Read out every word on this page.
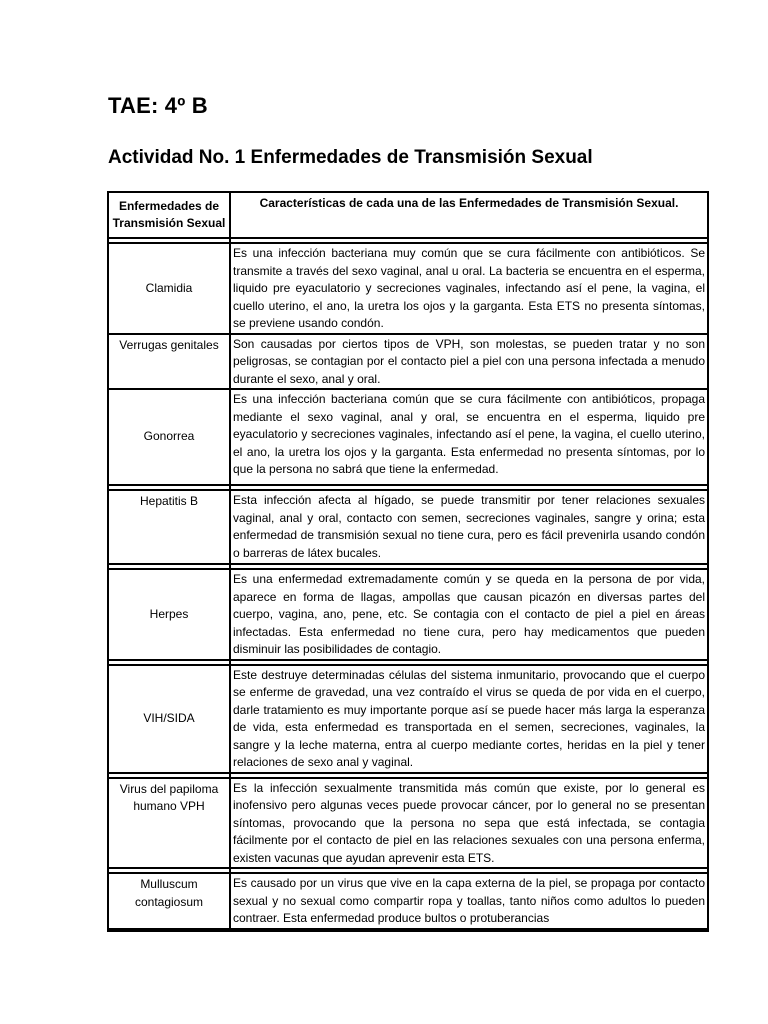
TAE: 4º B
Actividad No. 1 Enfermedades de Transmisión Sexual
Enfermedades de Transmisión Sexual	Características de cada una de las Enfermedades de Transmisión Sexual.

Clamidia	Es una infección bacteriana muy común que se cura fácilmente con antibióticos. Se transmite a través del sexo vaginal, anal u oral. La bacteria se encuentra en el esperma, liquido pre eyaculatorio y secreciones vaginales, infectando así el pene, la vagina, el cuello uterino, el ano, la uretra los ojos y la garganta. Esta ETS no presenta síntomas, se previene usando condón.
Verrugas genitales	Son causadas por ciertos tipos de VPH, son molestas, se pueden tratar y no son peligrosas, se contagian por el contacto piel a piel con una persona infectada a menudo durante el sexo, anal y oral.
Gonorrea	Es una infección bacteriana común que se cura fácilmente con antibióticos, propaga mediante el sexo vaginal, anal y oral, se encuentra en el esperma, liquido pre eyaculatorio y secreciones vaginales, infectando así el pene, la vagina, el cuello uterino, el ano, la uretra los ojos y la garganta. Esta enfermedad no presenta síntomas, por lo que la persona no sabrá que tiene la enfermedad.

Hepatitis B	Esta infección afecta al hígado, se puede transmitir por tener relaciones sexuales vaginal, anal y oral, contacto con semen, secreciones vaginales, sangre y orina; esta enfermedad de transmisión sexual no tiene cura, pero es fácil prevenirla usando condón o barreras de látex bucales.

Herpes	Es una enfermedad extremadamente común y se queda en la persona de por vida, aparece en forma de llagas, ampollas que causan picazón en diversas partes del cuerpo, vagina, ano, pene, etc. Se contagia con el contacto de piel a piel en áreas infectadas. Esta enfermedad no tiene cura, pero hay medicamentos que pueden disminuir las posibilidades de contagio.

VIH/SIDA	Este destruye determinadas células del sistema inmunitario, provocando que el cuerpo se enferme de gravedad, una vez contraído el virus se queda de por vida en el cuerpo, darle tratamiento es muy importante porque así se puede hacer más larga la esperanza de vida, esta enfermedad es transportada en el semen, secreciones, vaginales, la sangre y la leche materna, entra al cuerpo mediante cortes, heridas en la piel y tener relaciones de sexo anal y vaginal.

Virus del papiloma humano VPH	Es la infección sexualmente transmitida más común que existe, por lo general es inofensivo pero algunas veces puede provocar cáncer, por lo general no se presentan síntomas, provocando que la persona no sepa que está infectada, se contagia fácilmente por el contacto de piel en las relaciones sexuales con una persona enferma, existen vacunas que ayudan aprevenir esta ETS.

Mulluscum contagiosum	Es causado por un virus que vive en la capa externa de la piel, se propaga por contacto sexual y no sexual como compartir ropa y toallas, tanto niños como adultos lo pueden contraer. Esta enfermedad produce bultos o protuberancias
